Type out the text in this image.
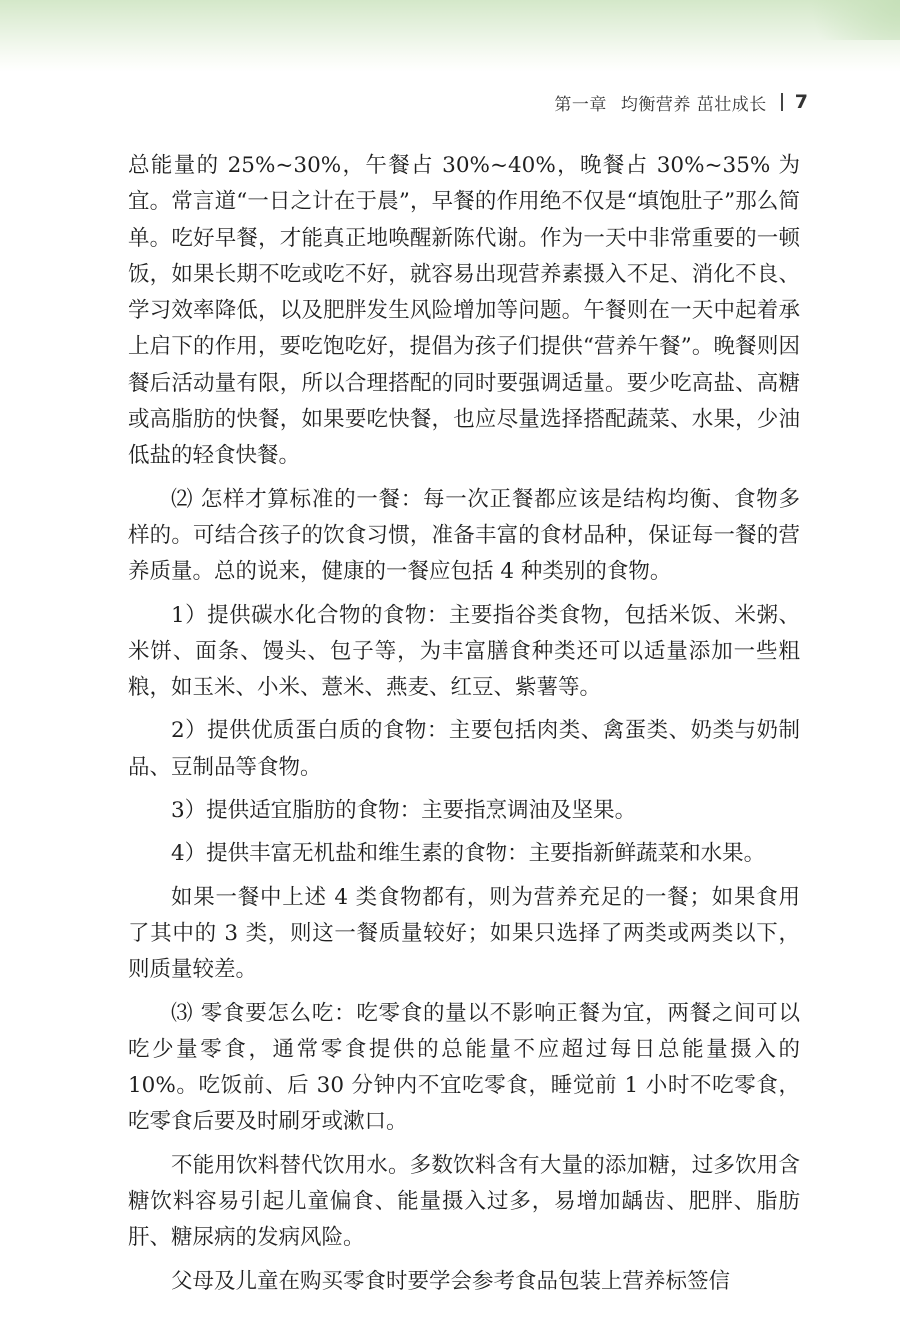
第一章 均衡营养 茁壮成长 7

总能量的 25%~30%，午餐占 30%~40%，晚餐占 30%~35% 为宜。常言道“一日之计在于晨”，早餐的作用绝不仅是“填饱肚子”那么简单。吃好早餐，才能真正地唤醒新陈代谢。作为一天中非常重要的一顿饭，如果长期不吃或吃不好，就容易出现营养素摄入不足、消化不良、学习效率降低，以及肥胖发生风险增加等问题。午餐则在一天中起着承上启下的作用，要吃饱吃好，提倡为孩子们提供“营养午餐”。晚餐则因餐后活动量有限，所以合理搭配的同时要强调适量。要少吃高盐、高糖或高脂肪的快餐，如果要吃快餐，也应尽量选择搭配蔬菜、水果，少油低盐的轻食快餐。

⑵ 怎样才算标准的一餐：每一次正餐都应该是结构均衡、食物多样的。可结合孩子的饮食习惯，准备丰富的食材品种，保证每一餐的营养质量。总的说来，健康的一餐应包括 4 种类别的食物。

1）提供碳水化合物的食物：主要指谷类食物，包括米饭、米粥、米饼、面条、馒头、包子等，为丰富膳食种类还可以适量添加一些粗粮，如玉米、小米、薏米、燕麦、红豆、紫薯等。

2）提供优质蛋白质的食物：主要包括肉类、禽蛋类、奶类与奶制品、豆制品等食物。

3）提供适宜脂肪的食物：主要指烹调油及坚果。

4）提供丰富无机盐和维生素的食物：主要指新鲜蔬菜和水果。

如果一餐中上述 4 类食物都有，则为营养充足的一餐；如果食用了其中的 3 类，则这一餐质量较好；如果只选择了两类或两类以下，则质量较差。

⑶ 零食要怎么吃：吃零食的量以不影响正餐为宜，两餐之间可以吃少量零食，通常零食提供的总能量不应超过每日总能量摄入的 10%。吃饭前、后 30 分钟内不宜吃零食，睡觉前 1 小时不吃零食，吃零食后要及时刷牙或漱口。

不能用饮料替代饮用水。多数饮料含有大量的添加糖，过多饮用含糖饮料容易引起儿童偏食、能量摄入过多，易增加龋齿、肥胖、脂肪肝、糖尿病的发病风险。

父母及儿童在购买零食时要学会参考食品包装上营养标签信
